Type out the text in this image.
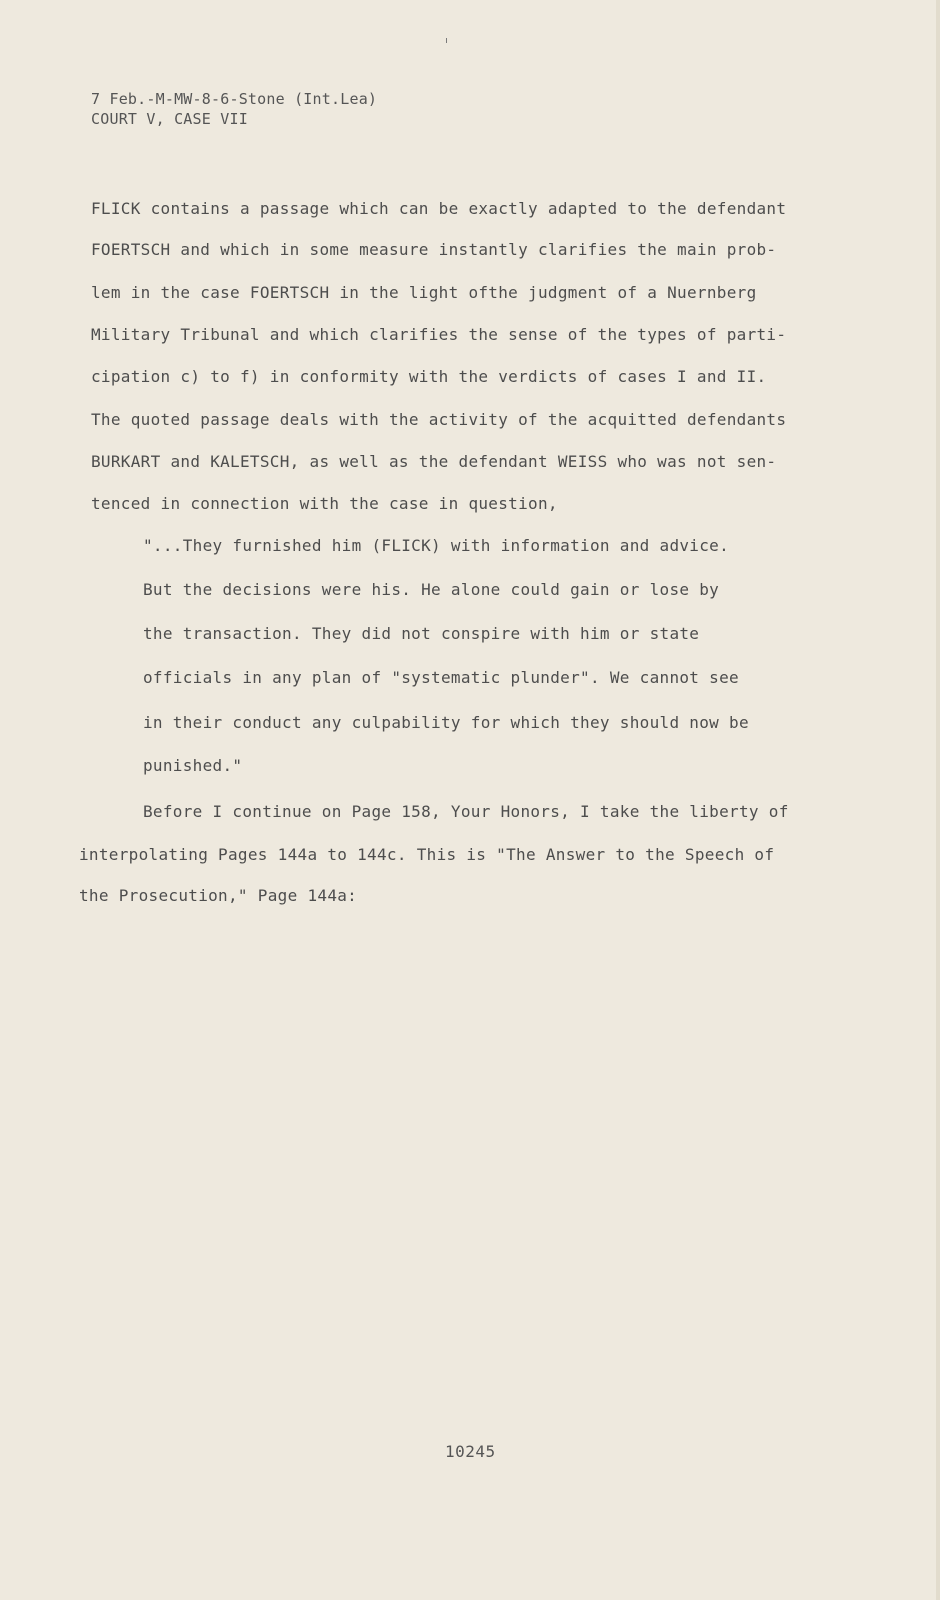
7 Feb.-M-MW-8-6-Stone (Int.Lea)
COURT V, CASE VII
FLICK contains a passage which can be exactly adapted to the defendant
FOERTSCH and which in some measure instantly clarifies the main prob-
lem in the case FOERTSCH in the light ofthe judgment of a Nuernberg
Military Tribunal and which clarifies the sense of the types of parti-
cipation c) to f) in conformity with the verdicts of cases I and II.
The quoted passage deals with the activity of the acquitted defendants
BURKART and KALETSCH, as well as the defendant WEISS who was not sen-
tenced in connection with the case in question,
"...They furnished him (FLICK) with information and advice.
But the decisions were his. He alone could gain or lose by
the transaction. They did not conspire with him or state
officials in any plan of "systematic plunder". We cannot see
in their conduct any culpability for which they should now be
punished."
Before I continue on Page 158, Your Honors, I take the liberty of
interpolating Pages 144a to 144c. This is "The Answer to the Speech of
the Prosecution," Page 144a:
10245
